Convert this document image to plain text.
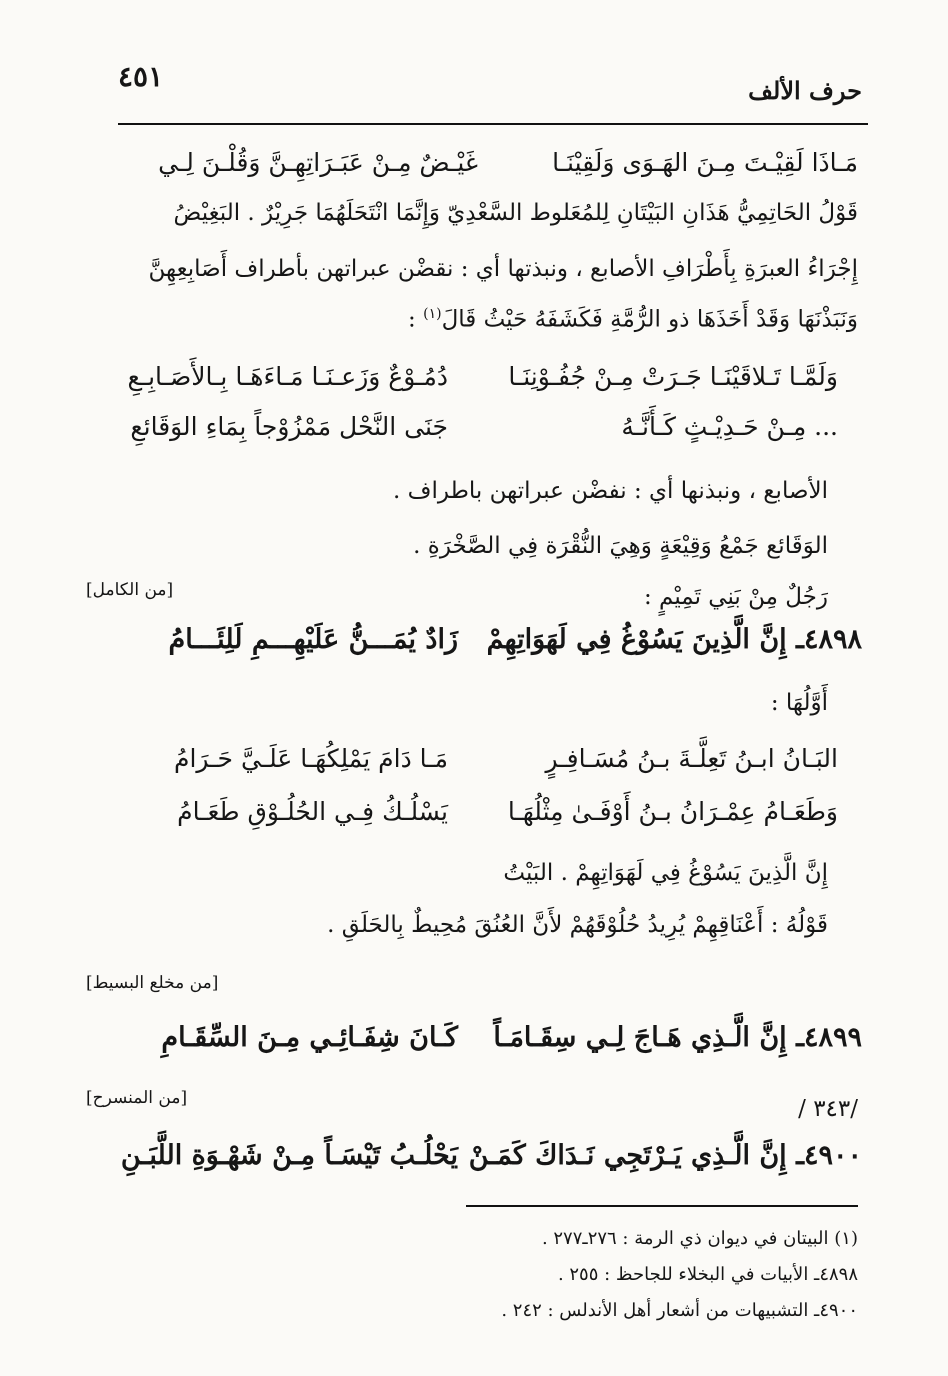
حرف الألف
٤٥١
مَـاذَا لَقِيْـتَ مِـنَ الهَـوَى وَلَقِيْنَـا
غَيْـضٌ مِـنْ عَبَـرَاتِهِـنَّ وَقُلْـنَ لِـي
قَوْلُ الحَاتِمِيُّ هَذَانِ البَيْتَانِ لِلمُعَلوط السَّعْدِيّ وَإِنَّمَا انْتَحَلَهُمَا جَرِيْرٌ . البَغِيْضُ
إِجْرَاءُ العبرَةِ بِأَطْرَافِ الأصابع ، ونبذتها أي : نقضْن عبراتهن بأطراف أَصَابِعِهِنَّ
وَنَبَذْنَهَا وَقَدْ أَخَذَهَا ذو الرُّمَّةِ فَكَشَفَهُ حَيْثُ قَالَ$^{(١)}$ :
وَلَمَّـا تَـلاقَيْنَـا جَـرَتْ مِـنْ جُفُـوْنِنَـا
دُمُـوْعٌ وَزَعـنَـا مَـاءَهَـا بِـالأَصَـابِـعِ
... مِـنْ حَـدِيْـثٍ كَـأَنَّـهُ
جَنَى النَّحْل مَمْزُوْجاً بِمَاءِ الوَقَائعِ
الأصابع ، ونبذنها أي : نفضْن عبراتهن باطراف .
الوَقَائع جَمْعُ وَقِيْعَةٍ وَهِيَ النُّقْرَة فِي الصَّخْرَةِ .
رَجُلٌ مِنْ بَنِي تَمِيْمٍ :
[من الكامل]
٤٨٩٨ـ إِنَّ الَّذِينَ يَسُوْغُ فِي لَهَوَاتِهِمْ
زَادٌ يُمَـــنُّ عَلَيْهِـــمِ لَلِئَـــامُ
أَوَّلُهَا :
البَـانُ ابـنُ تَعِلَّـةَ بـنُ مُسَـافِـرٍ
مَـا دَامَ يَمْلِكُهَـا عَلَـيَّ حَـرَامُ
وَطَعَـامُ عِمْـرَانُ بـنُ أَوْفَـىٰ مِثْلُهَـا
يَسْلُـكُ فِـي الحُلُـوْقِ طَعَـامُ
إِنَّ الَّذِينَ يَسُوْغُ فِي لَهَوَاتِهِمْ . البَيْتُ
قَوْلُهُ : أَعْنَاقِهِمْ يُرِيدُ حُلُوْقَهُمْ لأَنَّ العُنُقَ مُحِيطٌ بِالحَلَقِ .
[من مخلع البسيط]
٤٨٩٩ـ إِنَّ الَّـذِي هَـاجَ لِـي سِقَـامَـاً
كَـانَ شِفَـائِـي مِـنَ السِّقَـامِ
[من المنسرح]	/ ٣٤٣/
٤٩٠٠ـ إِنَّ الَّـذِي يَـرْتَجِي نَـدَاكَ كَمَـنْ
يَحْلُـبُ تَيْسَـاً مِـنْ شَهْـوَةِ اللَّبَـنِ
(١) البيتان في ديوان ذي الرمة : ٢٧٦ـ٢٧٧ .
٤٨٩٨ـ الأبيات في البخلاء للجاحظ : ٢٥٥ .
٤٩٠٠ـ التشبيهات من أشعار أهل الأندلس : ٢٤٢ .
